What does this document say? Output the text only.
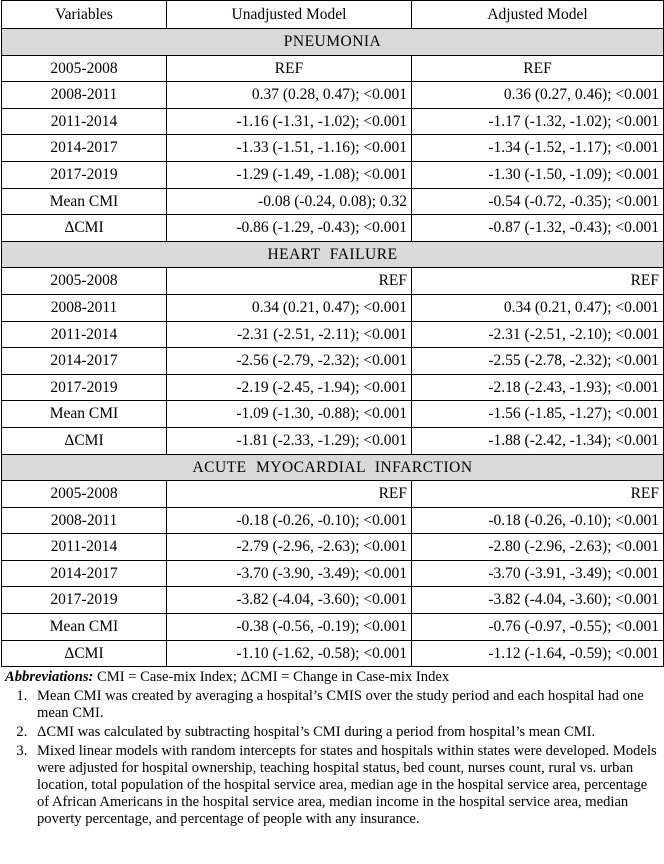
Variables	Unadjusted Model	Adjusted Model
PNEUMONIA		
2005-2008	REF	REF
2008-2011	0.37 (0.28, 0.47); <0.001	0.36 (0.27, 0.46); <0.001
2011-2014	-1.16 (-1.31, -1.02); <0.001	-1.17 (-1.32, -1.02); <0.001
2014-2017	-1.33 (-1.51, -1.16); <0.001	-1.34 (-1.52, -1.17); <0.001
2017-2019	-1.29 (-1.49, -1.08); <0.001	-1.30 (-1.50, -1.09); <0.001
Mean CMI	-0.08 (-0.24, 0.08); 0.32	-0.54 (-0.72, -0.35); <0.001
ΔCMI	-0.86 (-1.29, -0.43); <0.001	-0.87 (-1.32, -0.43); <0.001
HEART FAILURE		
2005-2008	REF	REF
2008-2011	0.34 (0.21, 0.47); <0.001	0.34 (0.21, 0.47); <0.001
2011-2014	-2.31 (-2.51, -2.11); <0.001	-2.31 (-2.51, -2.10); <0.001
2014-2017	-2.56 (-2.79, -2.32); <0.001	-2.55 (-2.78, -2.32); <0.001
2017-2019	-2.19 (-2.45, -1.94); <0.001	-2.18 (-2.43, -1.93); <0.001
Mean CMI	-1.09 (-1.30, -0.88); <0.001	-1.56 (-1.85, -1.27); <0.001
ΔCMI	-1.81 (-2.33, -1.29); <0.001	-1.88 (-2.42, -1.34); <0.001
ACUTE MYOCARDIAL INFARCTION		
2005-2008	REF	REF
2008-2011	-0.18 (-0.26, -0.10); <0.001	-0.18 (-0.26, -0.10); <0.001
2011-2014	-2.79 (-2.96, -2.63); <0.001	-2.80 (-2.96, -2.63); <0.001
2014-2017	-3.70 (-3.90, -3.49); <0.001	-3.70 (-3.91, -3.49); <0.001
2017-2019	-3.82 (-4.04, -3.60); <0.001	-3.82 (-4.04, -3.60); <0.001
Mean CMI	-0.38 (-0.56, -0.19); <0.001	-0.76 (-0.97, -0.55); <0.001
ΔCMI	-1.10 (-1.62, -0.58); <0.001	-1.12 (-1.64, -0.59); <0.001
Abbreviations: CMI = Case-mix Index; ΔCMI = Change in Case-mix Index
1. Mean CMI was created by averaging a hospital’s CMIS over the study period and each hospital had one mean CMI.
2. ΔCMI was calculated by subtracting hospital’s CMI during a period from hospital’s mean CMI.
3. Mixed linear models with random intercepts for states and hospitals within states were developed. Models were adjusted for hospital ownership, teaching hospital status, bed count, nurses count, rural vs. urban location, total population of the hospital service area, median age in the hospital service area, percentage of African Americans in the hospital service area, median income in the hospital service area, median poverty percentage, and percentage of people with any insurance.
